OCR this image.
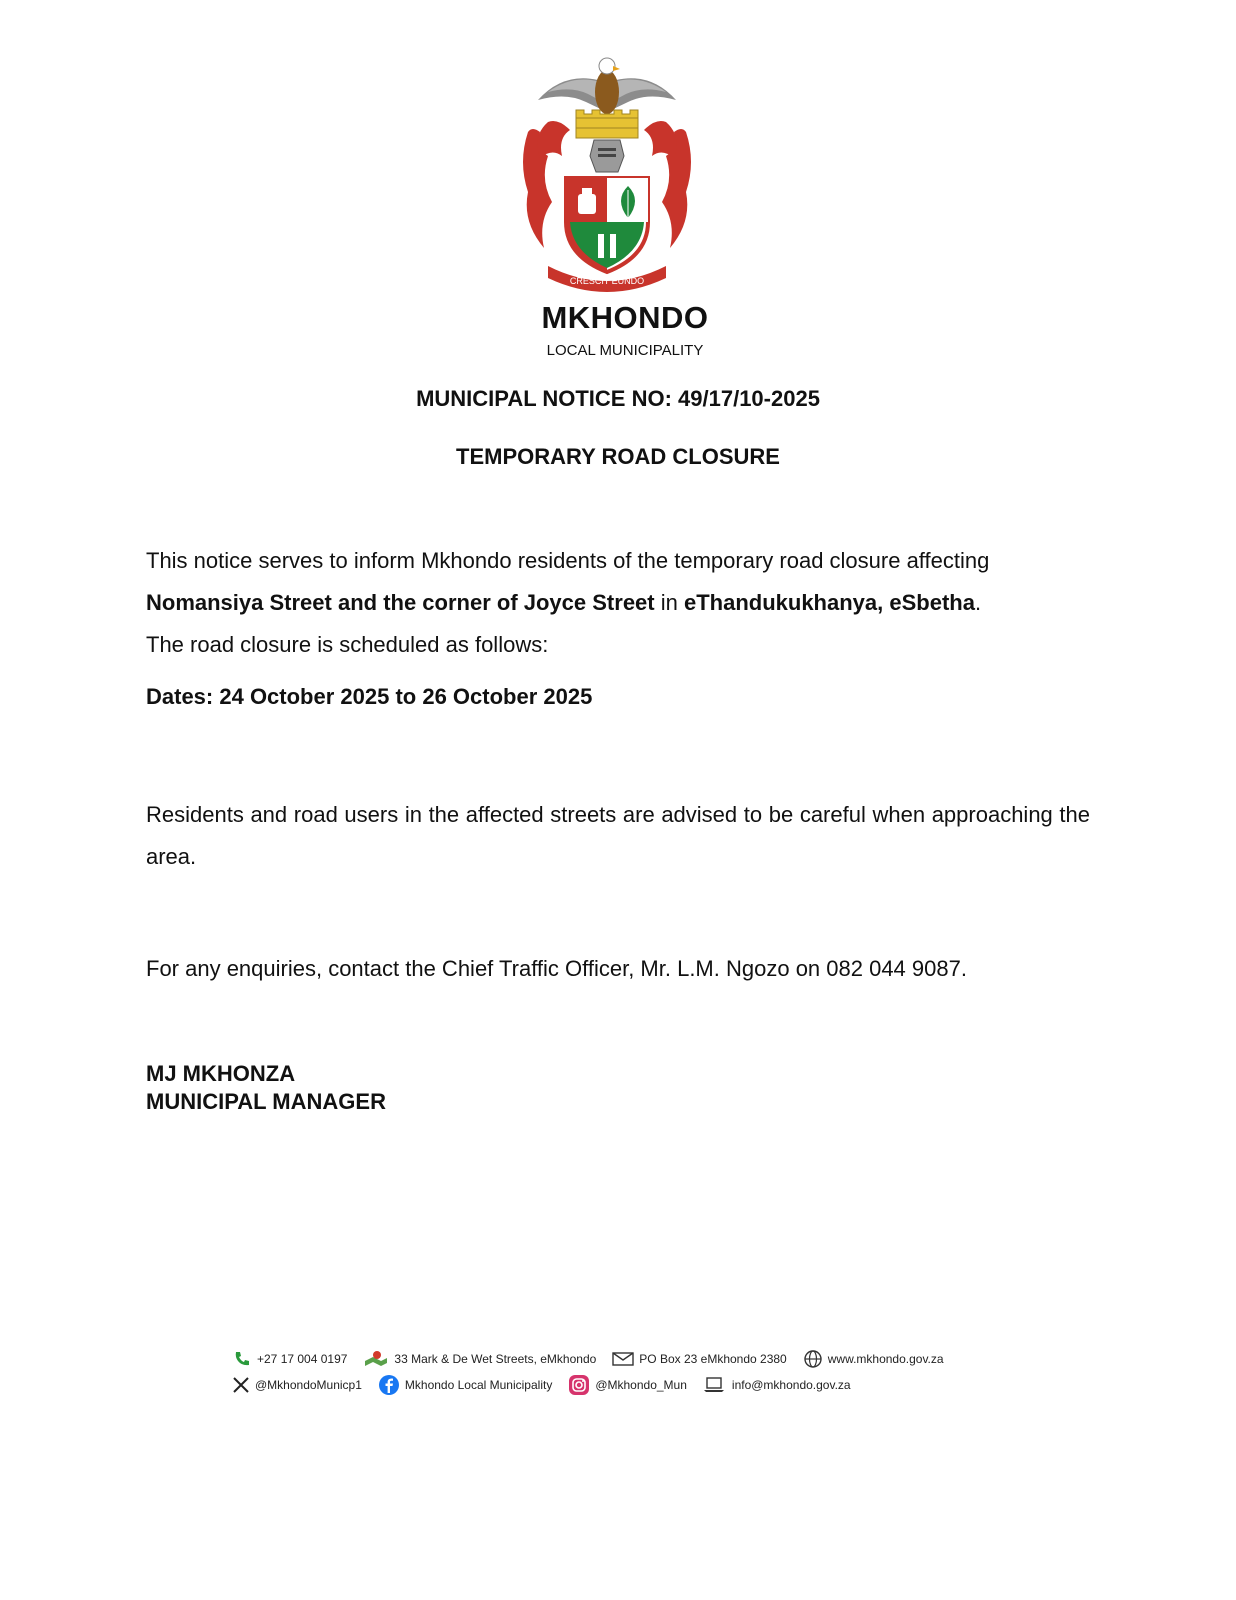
CRESCIT EUNDO
MKHONDO
LOCAL MUNICIPALITY
MUNICIPAL NOTICE NO: 49/17/10-2025
TEMPORARY ROAD CLOSURE
This notice serves to inform Mkhondo residents of the temporary road closure affecting Nomansiya Street and the corner of Joyce Street in eThandukukhanya, eSbetha.
The road closure is scheduled as follows:
Dates: 24 October 2025 to 26 October 2025
Residents and road users in the affected streets are advised to be careful when approaching the area.
For any enquiries, contact the Chief Traffic Officer, Mr. L.M. Ngozo on 082 044 9087.
MJ MKHONZA
MUNICIPAL MANAGER
+27 17 004 0197	33 Mark & De Wet Streets, eMkhondo	PO Box 23 eMkhondo 2380	www.mkhondo.gov.za
@MkhondoMunicp1	Mkhondo Local Municipality	@Mkhondo_Mun	info@mkhondo.gov.za
